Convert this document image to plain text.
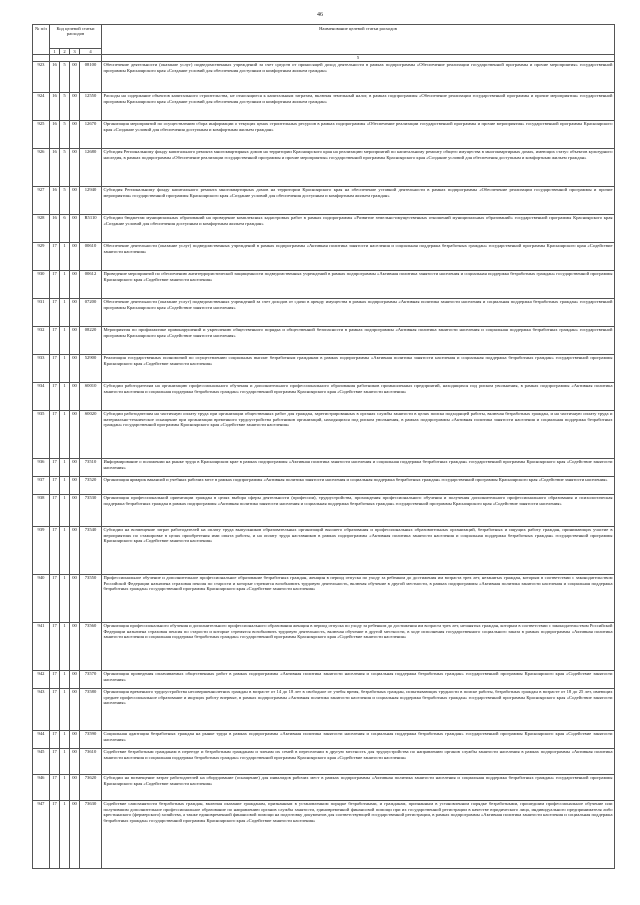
46
№ п/п	Код целевой статьи расходов				Наименование целевой статьи расходов
	1	2	3	4	
					5
923	16	5	00	08100	Обеспечение деятельности (оказание услуг) подведомственных учреждений за счет средств от приносящей доход деятельности в рамках подпрограммы «Обеспечение реализации государственной программы и прочие мероприятия» государственной программы Красноярского края «Создание условий для обеспечения доступным и комфортным жильем граждан»
924	16	5	00	12550	Расходы на содержание объектов капитального строительства, не относящиеся к капитальным затратам, включая земельный налог, в рамках подпрограммы «Обеспечение реализации государственной программы и прочие мероприятия» государственной программы Красноярского края «Создание условий для обеспечения доступным и комфортным жильем граждан»
925	16	5	00	12670	Организация мероприятий по осуществлению сбора информации о текущих ценах строительных ресурсов в рамках подпрограммы «Обеспечение реализации государственной программы и прочие мероприятия» государственной программы Красноярского края «Создание условий для обеспечения доступным и комфортным жильем граждан»
926	16	5	00	12680	Субсидия Региональному фонду капитального ремонта многоквартирных домов на территории Красноярского края на реализацию мероприятий по капитальному ремонту общего имущества в многоквартирных домах, имеющих статус объектов культурного наследия, в рамках подпрограммы «Обеспечение реализации государственной программы и прочие мероприятия» государственной программы Красноярского края «Создание условий для обеспечения доступным и комфортным жильем граждан»
927	16	5	00	12940	Субсидия Региональному фонду капитального ремонта многоквартирных домов на территории Красноярского края на обеспечение уставной деятельности в рамках подпрограммы «Обеспечение реализации государственной программы и прочие мероприятия» государственной программы Красноярского края «Создание условий для обеспечения доступным и комфортным жильем граждан»
928	16	6	00	R5110	Субсидии бюджетам муниципальных образований на проведение комплексных кадастровых работ в рамках подпрограммы «Развитие земельно-имущественных отношений муниципальных образований» государственной программы Красноярского края «Создание условий для обеспечения доступным и комфортным жильем граждан»
929	17	1	00	00610	Обеспечение деятельности (оказание услуг) подведомственных учреждений в рамках подпрограммы «Активная политика занятости населения и социальная поддержка безработных граждан» государственной программы Красноярского края «Содействие занятости населения»
930	17	1	00	00612	Проведение мероприятий по обеспечению антитеррористической защищенности подведомственных учреждений в рамках подпрограммы «Активная политика занятости населения и социальная поддержка безработных граждан» государственной программы Красноярского края «Содействие занятости населения»
931	17	1	00	07200	Обеспечение деятельности (оказание услуг) подведомственных учреждений за счет доходов от сдачи в аренду имущества в рамках подпрограммы «Активная политика занятости населения и социальная поддержка безработных граждан» государственной программы Красноярского края «Содействие занятости населения»
932	17	1	00	08220	Мероприятия по профилактике правонарушений и укреплению общественного порядка и общественной безопасности в рамках подпрограммы «Активная политика занятости населения и социальная поддержка безработных граждан» государственной программы Красноярского края «Содействие занятости населения»
933	17	1	00	52900	Реализация государственных полномочий по осуществлению социальных выплат безработным гражданам в рамках подпрограммы «Активная политика занятости населения и социальная поддержка безработных граждан» государственной программы Красноярского края «Содействие занятости населения»
934	17	1	00	S0010	Субсидии работодателям на организацию профессионального обучения и дополнительного профессионального образования работников промышленных предприятий, находящихся под риском увольнения, в рамках подпрограммы «Активная политика занятости населения и социальная поддержка безработных граждан» государственной программы Красноярского края «Содействие занятости населения»
935	17	1	00	S0020	Субсидии работодателям на частичную оплату труда при организации общественных работ для граждан, зарегистрированных в органах службы занятости в целях поиска подходящей работы, включая безработных граждан, и на частичную оплату труда и материально-техническое оснащение при организации временного трудоустройства работников организаций, находящихся под риском увольнения, в рамках подпрограммы «Активная политика занятости населения и социальная поддержка безработных граждан» государственной программы Красноярского края «Содействие занятости населения»
936	17	1	00	73510	Информирование о положении на рынке труда в Красноярском крае в рамках подпрограммы «Активная политика занятости населения и социальная поддержка безработных граждан» государственной программы Красноярского края «Содействие занятости населения»
937	17	1	00	73520	Организация ярмарок вакансий и учебных рабочих мест в рамках подпрограммы «Активная политика занятости населения и социальная поддержка безработных граждан» государственной программы Красноярского края «Содействие занятости населения»
938	17	1	00	73530	Организация профессиональной ориентации граждан в целях выбора сферы деятельности (профессии), трудоустройства, прохождения профессионального обучения и получения дополнительного профессионального образования и психологическая поддержка безработных граждан в рамках подпрограммы «Активная политика занятости населения и социальная поддержка безработных граждан» государственной программы Красноярского края «Содействие занятости населения»
939	17	1	00	73540	Субсидии на возмещение затрат работодателей на оплату труда выпускников образовательных организаций высшего образования и профессиональных образовательных организаций, безработных и ищущих работу граждан, принимающих участие в мероприятиях по стажировке в целях приобретения ими опыта работы, и на оплату труда наставников в рамках подпрограммы «Активная политика занятости населения и социальная поддержка безработных граждан» государственной программы Красноярского края «Содействие занятости населения»
940	17	1	00	73550	Профессиональное обучение и дополнительное профессиональное образование безработных граждан, женщин в период отпуска по уходу за ребенком до достижения им возраста трех лет, незанятых граждан, которым в соответствии с законодательством Российской Федерации назначена страховая пенсия по старости и которые стремятся возобновить трудовую деятельность, включая обучение в другой местности, в рамках подпрограммы «Активная политика занятости населения и социальная поддержка безработных граждан» государственной программы Красноярского края «Содействие занятости населения»
941	17	1	00	73560	Организация профессионального обучения и дополнительного профессионального образования женщин в период отпуска по уходу за ребенком до достижения им возраста трех лет, незанятых граждан, которым в соответствии с законодательством Российской Федерации назначена страховая пенсия по старости и которые стремятся возобновить трудовую деятельность, включая обучение в другой местности, в ходе исполнения государственного социального заказа в рамках подпрограммы «Активная политика занятости населения и социальная поддержка безработных граждан» государственной программы Красноярского края «Содействие занятости населения»
942	17	1	00	73570	Организация проведения оплачиваемых общественных работ в рамках подпрограммы «Активная политика занятости населения и социальная поддержка безработных граждан» государственной программы Красноярского края «Содействие занятости населения»
943	17	1	00	73580	Организация временного трудоустройства несовершеннолетних граждан в возрасте от 14 до 18 лет в свободное от учебы время, безработных граждан, испытывающих трудности в поиске работы, безработных граждан в возрасте от 18 до 25 лет, имеющих среднее профессиональное образование и ищущих работу впервые, в рамках подпрограммы «Активная политика занятости населения и социальная поддержка безработных граждан» государственной программы Красноярского края «Содействие занятости населения»
944	17	1	00	73590	Социальная адаптация безработных граждан на рынке труда в рамках подпрограммы «Активная политика занятости населения и социальная поддержка безработных граждан» государственной программы Красноярского края «Содействие занятости населения»
945	17	1	00	73610	Содействие безработным гражданам в переезде и безработным гражданам и членам их семей в переселении в другую местность для трудоустройства по направлению органов службы занятости населения в рамках подпрограммы «Активная политика занятости населения и социальная поддержка безработных граждан» государственной программы Красноярского края «Содействие занятости населения»
946	17	1	00	73620	Субсидии на возмещение затрат работодателей на оборудование (оснащение) для инвалидов рабочих мест в рамках подпрограммы «Активная политика занятости населения и социальная поддержка безработных граждан» государственной программы Красноярского края «Содействие занятости населения»
947	17	1	00	73630	Содействие самозанятости безработных граждан, включая оказание гражданам, признанным в установленном порядке безработными, и гражданам, признанным в установленном порядке безработными, прошедшим профессиональное обучение или получившим дополнительное профессиональное образование по направлению органов службы занятости, единовременной финансовой помощи при их государственной регистрации в качестве юридического лица, индивидуального предпринимателя либо крестьянского (фермерского) хозяйства, а также единовременной финансовой помощи на подготовку документов для соответствующей государственной регистрации, в рамках подпрограммы «Активная политика занятости населения и социальная поддержка безработных граждан» государственной программы Красноярского края «Содействие занятости населения»
